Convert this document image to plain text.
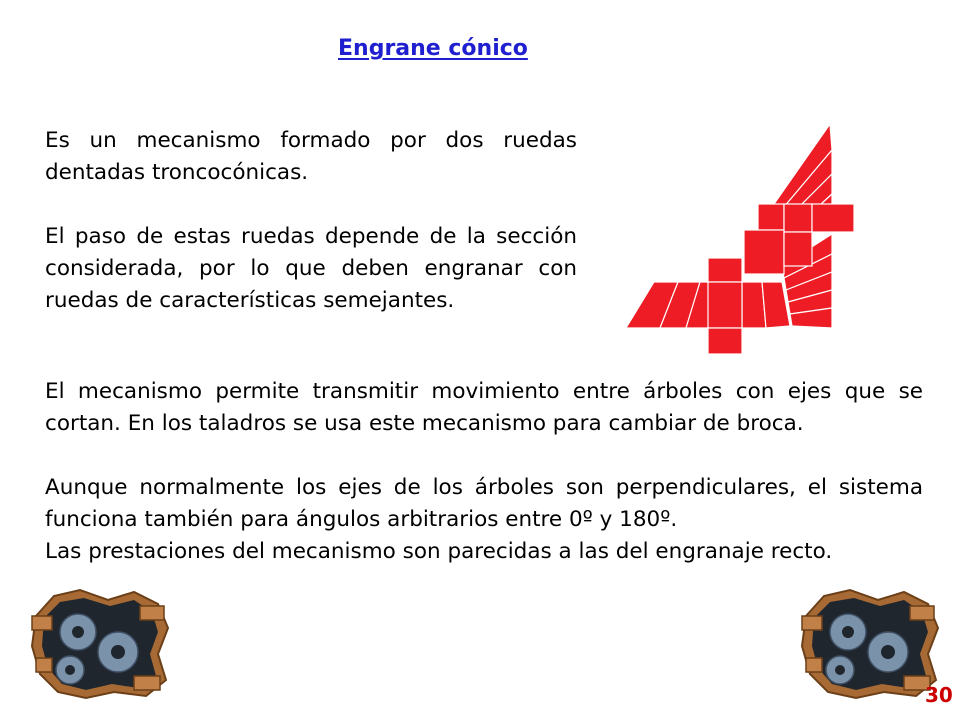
Engrane cónico

Es un mecanismo formado por dos ruedas dentadas troncocónicas.

El paso de estas ruedas depende de la sección considerada, por lo que deben engranar con ruedas de características semejantes.

El mecanismo permite transmitir movimiento entre árboles con ejes que se cortan. En los taladros se usa este mecanismo para cambiar de broca.

Aunque normalmente los ejes de los árboles son perpendiculares, el sistema funciona también para ángulos arbitrarios entre 0º y 180º.

Las prestaciones del mecanismo son parecidas a las del engranaje recto.

30
